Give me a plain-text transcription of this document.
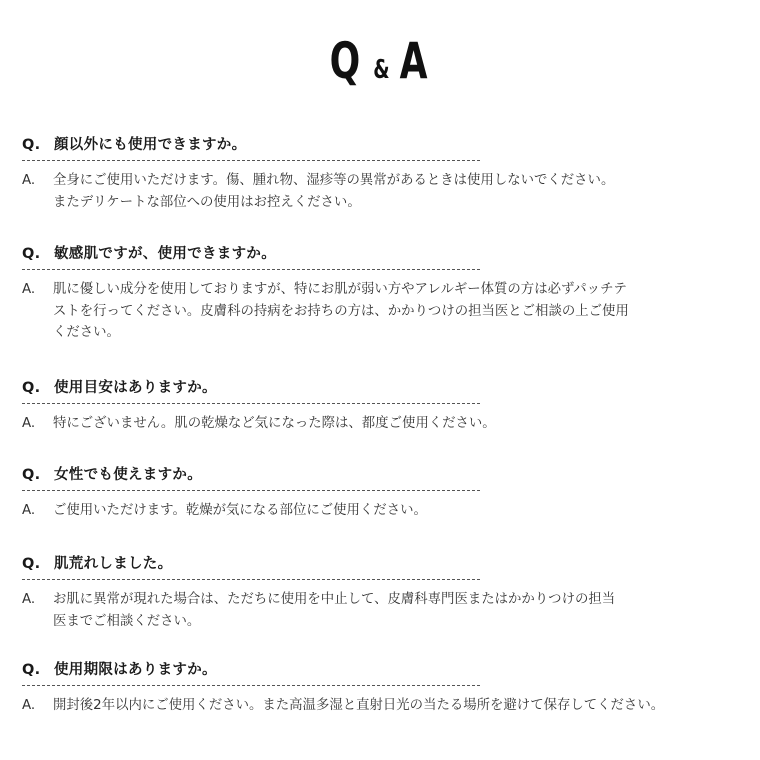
Q & A
Q. 顔以外にも使用できますか。
A. 全身にご使用いただけます。傷、腫れ物、湿疹等の異常があるときは使用しないでください。
またデリケートな部位への使用はお控えください。
Q. 敏感肌ですが、使用できますか。
A. 肌に優しい成分を使用しておりますが、特にお肌が弱い方やアレルギー体質の方は必ずパッチテ
ストを行ってください。皮膚科の持病をお持ちの方は、かかりつけの担当医とご相談の上ご使用
ください。
Q. 使用目安はありますか。
A. 特にございません。肌の乾燥など気になった際は、都度ご使用ください。
Q. 女性でも使えますか。
A. ご使用いただけます。乾燥が気になる部位にご使用ください。
Q. 肌荒れしました。
A. お肌に異常が現れた場合は、ただちに使用を中止して、皮膚科専門医またはかかりつけの担当
医までご相談ください。
Q. 使用期限はありますか。
A. 開封後2年以内にご使用ください。また高温多湿と直射日光の当たる場所を避けて保存してください。
